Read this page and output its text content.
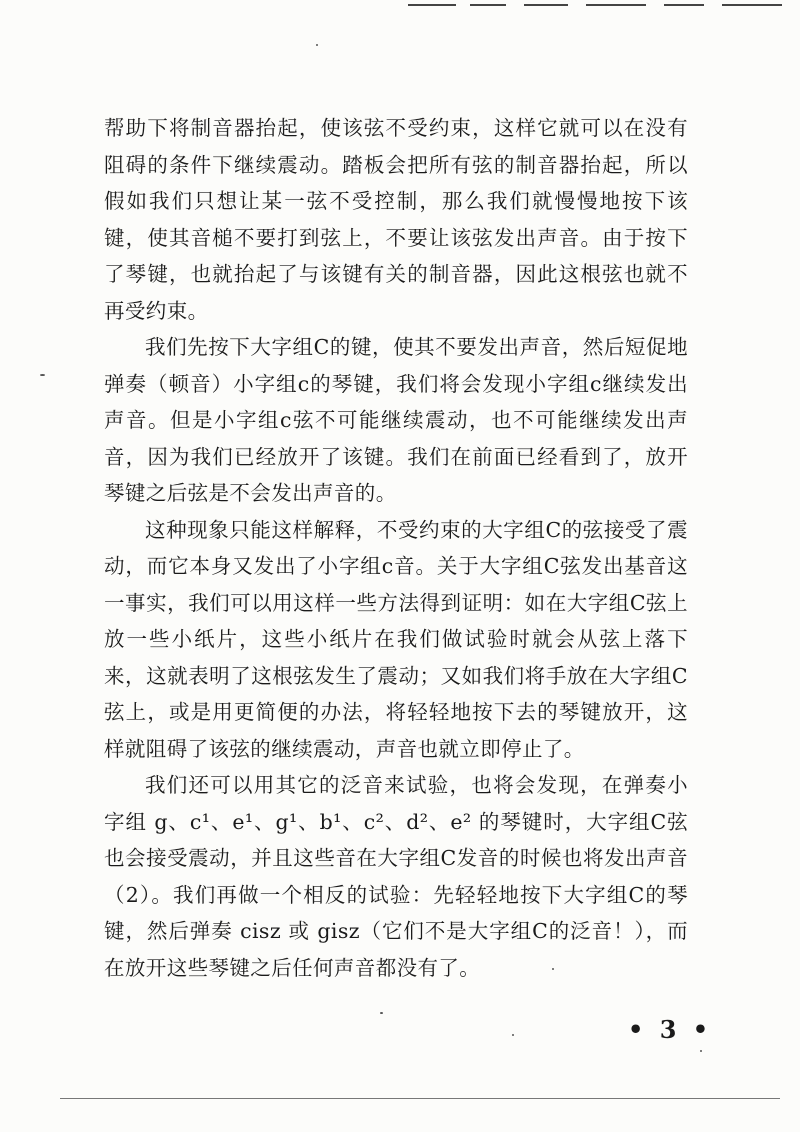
帮助下将制音器抬起，使该弦不受约束，这样它就可以在没有阻碍的条件下继续震动。踏板会把所有弦的制音器抬起，所以假如我们只想让某一弦不受控制，那么我们就慢慢地按下该键，使其音槌不要打到弦上，不要让该弦发出声音。由于按下了琴键，也就抬起了与该键有关的制音器，因此这根弦也就不再受约束。

我们先按下大字组C的键，使其不要发出声音，然后短促地弹奏（顿音）小字组c的琴键，我们将会发现小字组c继续发出声音。但是小字组c弦不可能继续震动，也不可能继续发出声音，因为我们已经放开了该键。我们在前面已经看到了，放开琴键之后弦是不会发出声音的。

这种现象只能这样解释，不受约束的大字组C的弦接受了震动，而它本身又发出了小字组c音。关于大字组C弦发出基音这一事实，我们可以用这样一些方法得到证明：如在大字组C弦上放一些小纸片，这些小纸片在我们做试验时就会从弦上落下来，这就表明了这根弦发生了震动；又如我们将手放在大字组C弦上，或是用更简便的办法，将轻轻地按下去的琴键放开，这样就阻碍了该弦的继续震动，声音也就立即停止了。

我们还可以用其它的泛音来试验，也将会发现，在弹奏小字组 g、c¹、e¹、g¹、b¹、c²、d²、e² 的琴键时，大字组C弦也会接受震动，并且这些音在大字组C发音的时候也将发出声音（2）。我们再做一个相反的试验：先轻轻地按下大字组C的琴键，然后弹奏 cisz 或 gisz（它们不是大字组C的泛音！），而在放开这些琴键之后任何声音都没有了。

• 3 •
